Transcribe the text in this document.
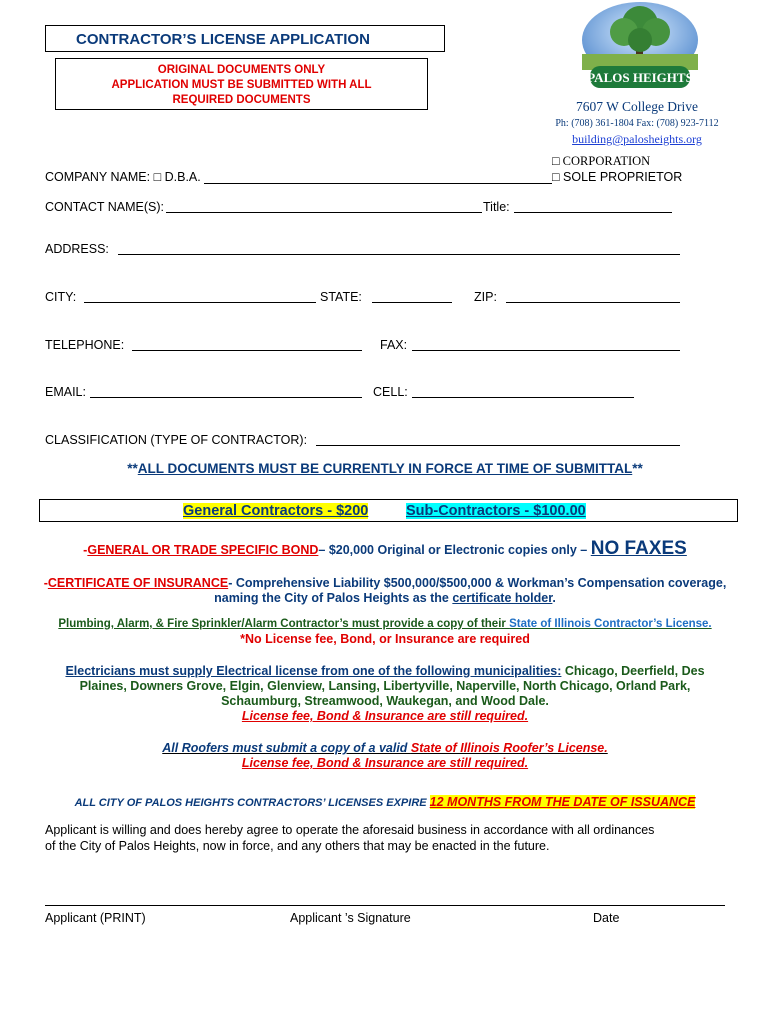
CONTRACTOR’S LICENSE APPLICATION
ORIGINAL DOCUMENTS ONLY
APPLICATION MUST BE SUBMITTED WITH ALL
REQUIRED DOCUMENTS
PALOS HEIGHTS
7607 W College Drive
Ph: (708) 361-1804 Fax: (708) 923-7112
building@palosheights.org
□ CORPORATION
COMPANY NAME: □ D.B.A.	□ SOLE PROPRIETOR
CONTACT NAME(S):	Title:
ADDRESS:
CITY:	STATE:	ZIP:
TELEPHONE:	FAX:
EMAIL:	CELL:
CLASSIFICATION (TYPE OF CONTRACTOR):
**ALL DOCUMENTS MUST BE CURRENTLY IN FORCE AT TIME OF SUBMITTAL**
General Contractors - $200	Sub-Contractors - $100.00
-GENERAL OR TRADE SPECIFIC BOND– $20,000 Original or Electronic copies only – NO FAXES
-CERTIFICATE OF INSURANCE- Comprehensive Liability $500,000/$500,000 & Workman’s Compensation coverage,
naming the City of Palos Heights as the certificate holder.
Plumbing, Alarm, & Fire Sprinkler/Alarm Contractor’s must provide a copy of their State of Illinois Contractor’s License.
*No License fee, Bond, or Insurance are required
Electricians must supply Electrical license from one of the following municipalities: Chicago, Deerfield, Des
Plaines, Downers Grove, Elgin, Glenview, Lansing, Libertyville, Naperville, North Chicago, Orland Park,
Schaumburg, Streamwood, Waukegan, and Wood Dale.
License fee, Bond & Insurance are still required.
All Roofers must submit a copy of a valid State of Illinois Roofer’s License.
License fee, Bond & Insurance are still required.
ALL CITY OF PALOS HEIGHTS CONTRACTORS’ LICENSES EXPIRE 12 MONTHS FROM THE DATE OF ISSUANCE
Applicant is willing and does hereby agree to operate the aforesaid business in accordance with all ordinances
of the City of Palos Heights, now in force, and any others that may be enacted in the future.
Applicant (PRINT)	Applicant ’s Signature	Date
